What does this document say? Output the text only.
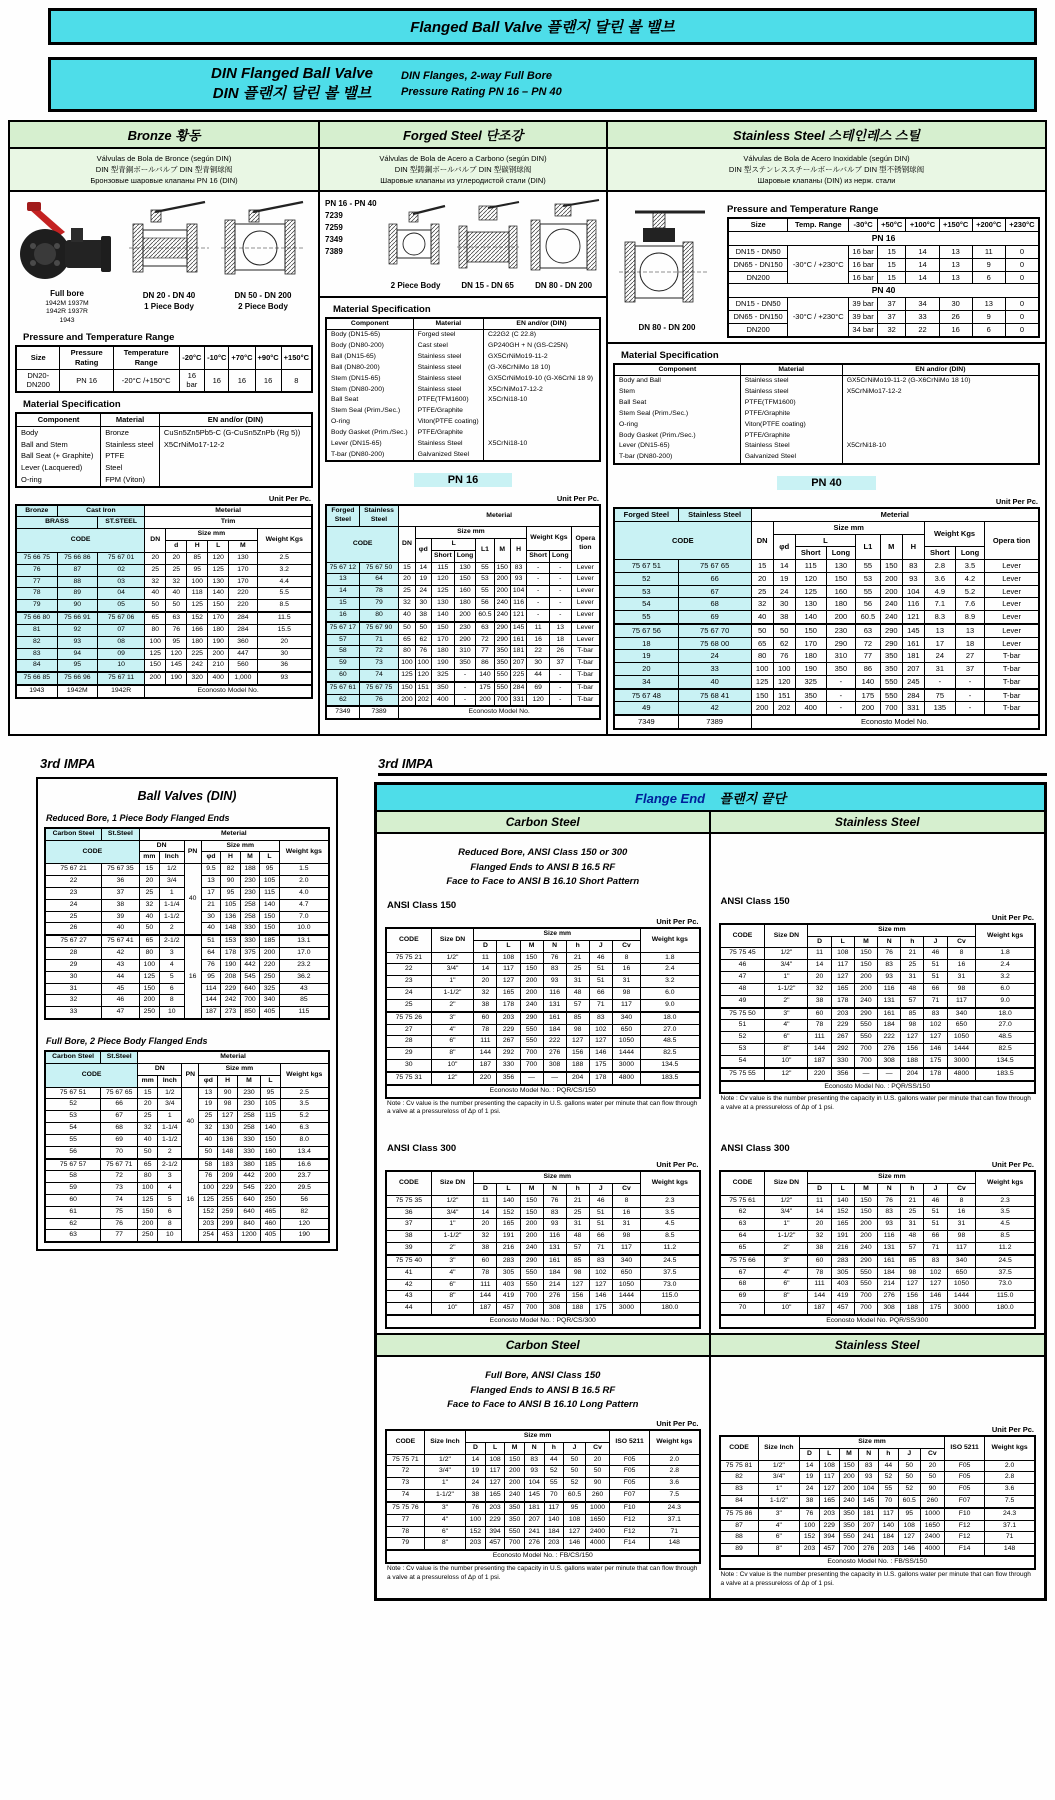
Flanged Ball Valve 플랜지 달린 볼 밸브
DIN Flanged Ball Valve
DIN 플랜지 달린 볼 밸브
DIN Flanges, 2-way Full Bore
Pressure Rating PN 16 – PN 40
Bronze 황동
Válvulas de Bola de Bronce (según DIN)
DIN 型青銅ボールバルブ DIN 型青铜球阀
Бронзовые шаровые клапаны PN 16 (DIN)
Full bore
1942M 1937M
1942R 1937R
1943
DN 20 - DN 40
1 Piece Body
DN 50 - DN 200
2 Piece Body
Pressure and Temperature Range
Size	Pressure Rating	Temperature Range	-20°C	-10°C	+70°C	+90°C	+150°C
DN20- DN200	PN 16	-20°C /+150°C	16 bar	16	16	16	8
Material Specification
Component	Material	EN and/or (DIN)
Body	Bronze	CuSn5Zn5Pb5-C (G-CuSn5ZnPb (Rg 5))
Ball and Stem	Stainless steel	X5CrNiMo17-12-2
Ball Seat (+ Graphite)	PTFE	
Lever (Lacquered)	Steel	
O-ring	FPM (Viton)	
Unit Per Pc.
Bronze	Cast Iron		Meterial					
BRASS		ST.STEEL	Trim					
CODE			DN	Size mm				Weight Kgs
				d	H	L	M	
75 66 75	75 66 86	75 67 01	20	20	85	120	130	2.5
76	87	02	25	25	95	125	170	3.2
77	88	03	32	32	100	130	170	4.4
78	89	04	40	40	118	140	220	5.5
79	90	05	50	50	125	150	220	8.5
75 66 80	75 66 91	75 67 06	65	63	152	170	284	11.5
81	92	07	80	76	166	180	284	15.5
82	93	08	100	95	180	190	360	20
83	94	09	125	120	225	200	447	30
84	95	10	150	145	242	210	560	36
75 66 85	75 66 96	75 67 11	200	190	320	400	1,000	93
1943	1942M	1942R	Econosto Model No.					
Forged Steel 단조강
Válvulas de Bola de Acero a Carbono (según DIN)
DIN 型鋳鋼ボールバルブ DIN 型碳钢球阀
Шаровые клапаны из углеродистой стали (DIN)
PN 16 - PN 40
7239
7259
7349
7389
2 Piece Body	DN 15 - DN 65	DN 80 - DN 200
Material Specification
Component	Material	EN and/or (DIN)
Body (DN15-65)	Forged steel	C22G2 (C 22.8)
Body (DN80-200)	Cast steel	GP240GH + N (GS-C25N)
Ball (DN15-65)	Stainless steel	GX5CrNiMo19-11-2
Ball (DN80-200)	Stainless steel	(G-X6CrNiMo 18 10)
Stem (DN15-65)	Stainless steel	GX5CrNiMo19-10 (G-X6CrNi 18 9)
Stem (DN80-200)	Stainless steel	X5CrNiMo17-12-2
Ball Seat	PTFE(TFM1600)	X5CrNi18-10
Stem Seal (Prim./Sec.)	PTFE/Graphite	
O-ring	Viton(PTFE coating)	
Body Gasket (Prim./Sec.)	PTFE/Graphite	
Lever (DN15-65)	Stainless Steel	X5CrNi18-10
T-bar (DN80-200)	Galvanized Steel	
PN 16
Unit Per Pc.
Forged Steel	Stainless Steel	Meterial									
CODE		DN	Size mm						Weight Kgs		Opera tion
			φd	L		L1	M	H			
				Short	Long				Short	Long	
75 67 12	75 67 50	15	14	115	130	55	150	83	-	-	Lever
13	64	20	19	120	150	53	200	93	-	-	Lever
14	78	25	24	125	160	55	200	104	-	-	Lever
15	79	32	30	130	180	56	240	116	-	-	Lever
16	80	40	38	140	200	60.5	240	121	-	-	Lever
75 67 17	75 67 90	50	50	150	230	63	290	145	11	13	Lever
57	71	65	62	170	290	72	290	161	16	18	Lever
58	72	80	76	180	310	77	350	181	22	26	T-bar
59	73	100	100	190	350	86	350	207	30	37	T-bar
60	74	125	120	325	-	140	550	225	44	-	T-bar
75 67 61	75 67 75	150	151	350	-	175	550	284	69	-	T-bar
62	76	200	202	400	-	200	700	331	120	-	T-bar
7349	7389	Econosto Model No.									
Stainless Steel 스테인레스 스틸
Válvulas de Bola de Acero Inoxidable (según DIN)
DIN 型ステンレススチールボールバルブ DIN 型不锈钢球阀
Шаровые клапаны (DIN) из нерж. стали
DN 80 - DN 200
Pressure and Temperature Range
Size	Temp. Range	-30°C	+50°C	+100°C	+150°C	+200°C	+230°C
PN 16							
DN15 - DN50	-30°C / +230°C	16 bar	15	14	13	11	0
DN65 - DN150		16 bar	15	14	13	9	0
DN200		16 bar	15	14	13	6	0
PN 40							
DN15 - DN50	-30°C / +230°C	39 bar	37	34	30	13	0
DN65 - DN150		39 bar	37	33	26	9	0
DN200		34 bar	32	22	16	6	0
Material Specification
Component	Material	EN and/or (DIN)
Body and Ball	Stainless steel	GX5CrNiMo19-11-2 (G-X6CrNiMo 18 10)
Stem	Stainless steel	X5CrNiMo17-12-2
Ball Seat	PTFE(TFM1600)	
Stem Seal (Prim./Sec.)	PTFE/Graphite	
O-ring	Viton(PTFE coating)	
Body Gasket (Prim./Sec.)	PTFE/Graphite	
Lever (DN15-65)	Stainless Steel	X5CrNi18-10
T-bar (DN80-200)	Galvanized Steel	
PN 40
Unit Per Pc.
Forged Steel	Stainless Steel	Meterial									
CODE		DN	Size mm						Weight Kgs		Opera tion
			φd	L		L1	M	H			
				Short	Long				Short	Long	
75 67 51	75 67 65	15	14	115	130	55	150	83	2.8	3.5	Lever
52	66	20	19	120	150	53	200	93	3.6	4.2	Lever
53	67	25	24	125	160	55	200	104	4.9	5.2	Lever
54	68	32	30	130	180	56	240	116	7.1	7.6	Lever
55	69	40	38	140	200	60.5	240	121	8.3	8.9	Lever
75 67 56	75 67 70	50	50	150	230	63	290	145	13	13	Lever
18	75 68 00	65	62	170	290	72	290	161	17	18	Lever
19	24	80	76	180	310	77	350	181	24	27	T-bar
20	33	100	100	190	350	86	350	207	31	37	T-bar
34	40	125	120	325	-	140	550	245	-	-	T-bar
75 67 48	75 68 41	150	151	350	-	175	550	284	75	-	T-bar
49	42	200	202	400	-	200	700	331	135	-	T-bar
7349	7389	Econosto Model No.									
3rd IMPA
Ball Valves (DIN)
Reduced Bore, 1 Piece Body Flanged Ends
Carbon Steel	St.Steel	Meterial							
CODE		DN		PN	Size mm				Weight kgs
		mm	Inch		φd	H	M	L	
75 67 21	75 67 35	15	1/2	40	9.5	82	188	95	1.5
22	36	20	3/4		13	90	230	105	2.0
23	37	25	1		17	95	230	115	4.0
24	38	32	1-1/4		21	105	258	140	4.7
25	39	40	1-1/2		30	136	258	150	7.0
26	40	50	2		40	148	330	150	10.0
75 67 27	75 67 41	65	2-1/2	16	51	153	330	185	13.1
28	42	80	3		64	178	375	200	17.0
29	43	100	4		76	190	442	220	23.2
30	44	125	5		95	208	545	250	36.2
31	45	150	6		114	229	640	325	43
32	46	200	8		144	242	700	340	85
33	47	250	10		187	273	850	405	115
Full Bore, 2 Piece Body Flanged Ends
Carbon Steel	St.Steel	Meterial							
CODE		DN		PN	Size mm				Weight kgs
		mm	Inch		φd	H	M	L	
75 67 51	75 67 65	15	1/2	40	13	90	230	95	2.5
52	66	20	3/4		19	98	230	105	3.5
53	67	25	1		25	127	258	115	5.2
54	68	32	1-1/4		32	130	258	140	6.3
55	69	40	1-1/2		40	136	330	150	8.0
56	70	50	2		50	148	330	160	13.4
75 67 57	75 67 71	65	2-1/2	16	58	183	380	185	16.6
58	72	80	3		76	209	442	200	23.7
59	73	100	4		100	229	545	220	29.5
60	74	125	5		125	255	640	250	56
61	75	150	6		152	259	640	465	82
62	76	200	8		203	299	840	460	120
63	77	250	10		254	453	1200	405	190
3rd IMPA
Flange End 플랜지 끝단
Carbon Steel	Stainless Steel
Reduced Bore, ANSI Class 150 or 300
Flanged Ends to ANSI B 16.5 RF
Face to Face to ANSI B 16.10 Short Pattern
ANSI Class 150
Unit Per Pc.
CODE	Size DN	Size mm							Weight kgs
		D	L	M	N	h	J	Cv	
75 75 21	1/2"	11	108	150	76	21	46	8	1.8
22	3/4"	14	117	150	83	25	51	16	2.4
23	1"	20	127	200	93	31	51	31	3.2
24	1-1/2"	32	165	200	116	48	66	98	6.0
25	2"	38	178	240	131	57	71	117	9.0
75 75 26	3"	60	203	290	161	85	83	340	18.0
27	4"	78	229	550	184	98	102	650	27.0
28	6"	111	267	550	222	127	127	1050	48.5
29	8"	144	292	700	276	156	146	1444	82.5
30	10"	187	330	700	308	188	175	3000	134.5
75 75 31	12"	220	356	—	—	204	178	4800	183.5
Econosto Model No. : PQR/CS/150									
Note : Cv value is the number presenting the capacity in U.S. gallons water per minute that can flow through a valve at a pressureloss of Δp of 1 psi.
ANSI Class 300
Unit Per Pc.
CODE	Size DN	Size mm							Weight kgs
		D	L	M	N	h	J	Cv	
75 75 35	1/2"	11	140	150	76	21	46	8	2.3
36	3/4"	14	152	150	83	25	51	16	3.5
37	1"	20	165	200	93	31	51	31	4.5
38	1-1/2"	32	191	200	116	48	66	98	8.5
39	2"	38	216	240	131	57	71	117	11.2
75 75 40	3"	60	283	290	161	85	83	340	24.5
41	4"	78	305	550	184	98	102	650	37.5
42	6"	111	403	550	214	127	127	1050	73.0
43	8"	144	419	700	276	156	146	1444	115.0
44	10"	187	457	700	308	188	175	3000	180.0
Econosto Model No. : PQR/CS/300									
ANSI Class 150
Unit Per Pc.
CODE	Size DN	Size mm							Weight kgs
		D	L	M	N	h	J	Cv	
75 75 45	1/2"	11	108	150	76	21	46	8	1.8
46	3/4"	14	117	150	83	25	51	16	2.4
47	1"	20	127	200	93	31	51	31	3.2
48	1-1/2"	32	165	200	116	48	66	98	6.0
49	2"	38	178	240	131	57	71	117	9.0
75 75 50	3"	60	203	290	161	85	83	340	18.0
51	4"	78	229	550	184	98	102	650	27.0
52	6"	111	267	550	222	127	127	1050	48.5
53	8"	144	292	700	276	156	146	1444	82.5
54	10"	187	330	700	308	188	175	3000	134.5
75 75 55	12"	220	356	—	—	204	178	4800	183.5
Econosto Model No. : PQR/SS/150									
Note : Cv value is the number presenting the capacity in U.S. gallons water per minute that can flow through a valve at a pressureloss of Δp of 1 psi.
ANSI Class 300
Unit Per Pc.
CODE	Size DN	Size mm							Weight kgs
		D	L	M	N	h	J	Cv	
75 75 61	1/2"	11	140	150	76	21	46	8	2.3
62	3/4"	14	152	150	83	25	51	16	3.5
63	1"	20	165	200	93	31	51	31	4.5
64	1-1/2"	32	191	200	116	48	66	98	8.5
65	2"	38	216	240	131	57	71	117	11.2
75 75 66	3"	60	283	290	161	85	83	340	24.5
67	4"	78	305	550	184	98	102	650	37.5
68	6"	111	403	550	214	127	127	1050	73.0
69	8"	144	419	700	276	156	146	1444	115.0
70	10"	187	457	700	308	188	175	3000	180.0
Econosto Model No. PQR/SS/300									
Carbon Steel	Stainless Steel
Full Bore, ANSI Class 150
Flanged Ends to ANSI B 16.5 RF
Face to Face to ANSI B 16.10 Long Pattern
Unit Per Pc.
CODE	Size Inch	Size mm							ISO 5211	Weight kgs
		D	L	M	N	h	J	Cv		
75 75 71	1/2"	14	108	150	83	44	50	20	F05	2.0
72	3/4"	19	117	200	93	52	50	50	F05	2.8
73	1"	24	127	200	104	55	52	90	F05	3.6
74	1-1/2"	38	165	240	145	70	60.5	260	F07	7.5
75 75 76	3"	76	203	350	181	117	95	1000	F10	24.3
77	4"	100	229	350	207	140	108	1650	F12	37.1
78	6"	152	394	550	241	184	127	2400	F12	71
79	8"	203	457	700	276	203	146	4000	F14	148
Econosto Model No. : FB/CS/150										
Note : Cv value is the number presenting the capacity in U.S. gallons water per minute that can flow through a valve at a pressureloss of Δp of 1 psi.
Unit Per Pc.
CODE	Size Inch	Size mm							ISO 5211	Weight kgs
		D	L	M	N	h	J	Cv		
75 75 81	1/2"	14	108	150	83	44	50	20	F05	2.0
82	3/4"	19	117	200	93	52	50	50	F05	2.8
83	1"	24	127	200	104	55	52	90	F05	3.6
84	1-1/2"	38	165	240	145	70	60.5	260	F07	7.5
75 75 86	3"	76	203	350	181	117	95	1000	F10	24.3
87	4"	100	229	350	207	140	108	1650	F12	37.1
88	6"	152	394	550	241	184	127	2400	F12	71
89	8"	203	457	700	276	203	146	4000	F14	148
Econosto Model No. : FB/SS/150										
Note : Cv value is the number presenting the capacity in U.S. gallons water per minute that can flow through a valve at a pressureloss of Δp of 1 psi.
